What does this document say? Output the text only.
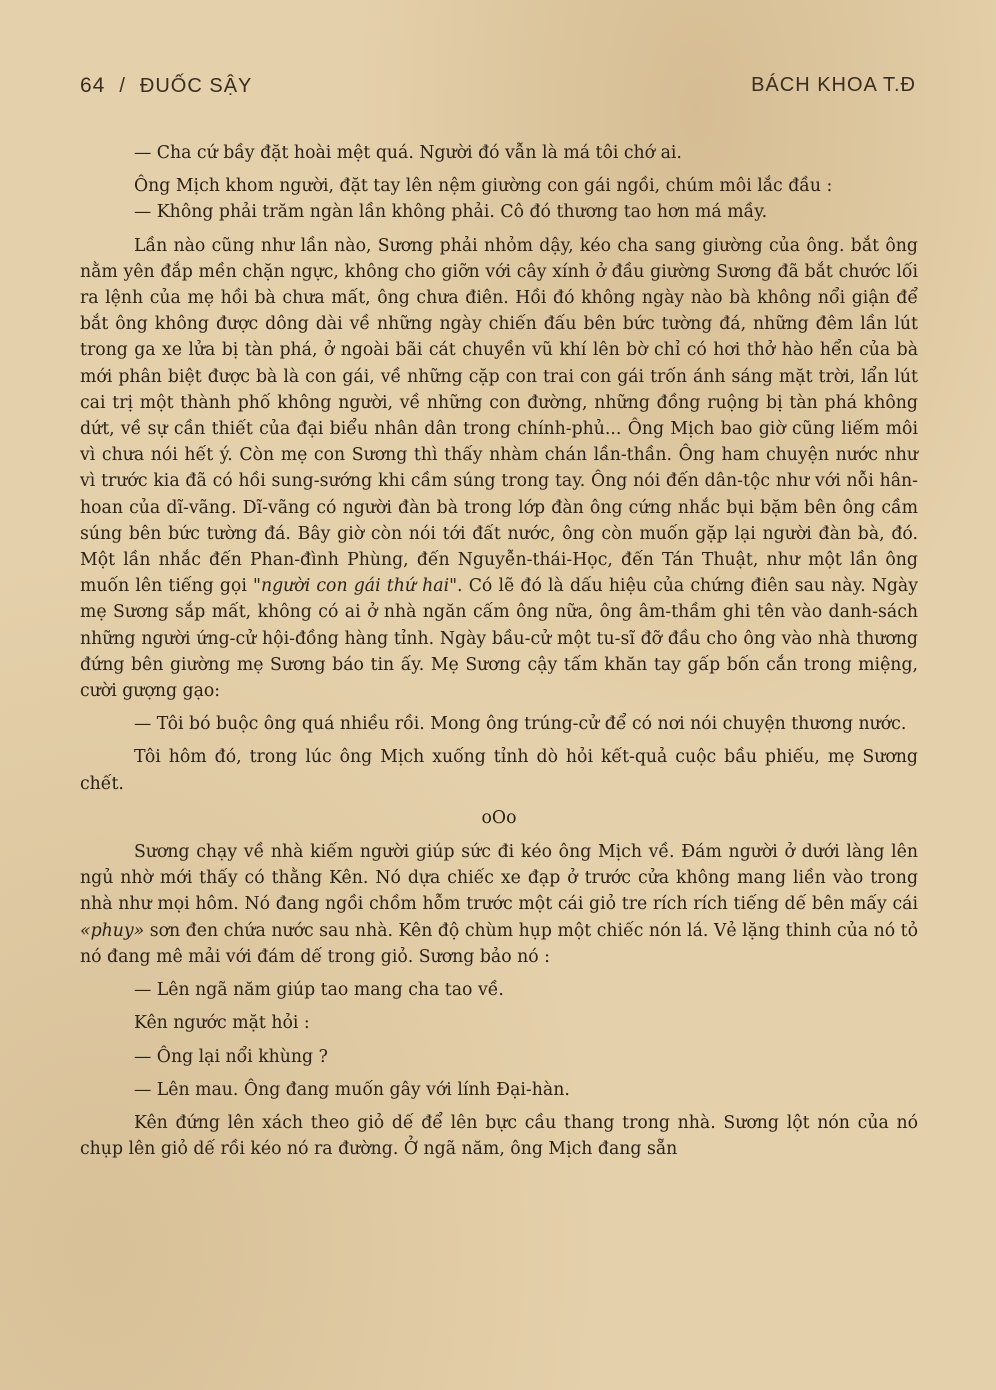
64 / ĐUỐC SẬY	BÁCH KHOA T.Đ

— Cha cứ bầy đặt hoài mệt quá. Người đó vẫn là má tôi chớ ai.

Ông Mịch khom người, đặt tay lên nệm giường con gái ngồi, chúm môi lắc đầu :

— Không phải trăm ngàn lần không phải. Cô đó thương tao hơn má mầy.

Lần nào cũng như lần nào, Sương phải nhỏm dậy, kéo cha sang giường của ông. bắt ông nằm yên đắp mền chặn ngực, không cho giỡn với cây xính ở đầu giường Sương đã bắt chước lối ra lệnh của mẹ hồi bà chưa mất, ông chưa điên. Hồi đó không ngày nào bà không nổi giận để bắt ông không được dông dài về những ngày chiến đấu bên bức tường đá, những đêm lần lút trong ga xe lửa bị tàn phá, ở ngoài bãi cát chuyền vũ khí lên bờ chỉ có hơi thở hào hển của bà mới phân biệt được bà là con gái, về những cặp con trai con gái trốn ánh sáng mặt trời, lẩn lút cai trị một thành phố không người, về những con đường, những đồng ruộng bị tàn phá không dứt, về sự cần thiết của đại biểu nhân dân trong chính-phủ... Ông Mịch bao giờ cũng liếm môi vì chưa nói hết ý. Còn mẹ con Sương thì thấy nhàm chán lần-thần. Ông ham chuyện nước như vì trước kia đã có hồi sung-sướng khi cầm súng trong tay. Ông nói đến dân-tộc như với nỗi hân-hoan của dĩ-vãng. Dĩ-vãng có người đàn bà trong lớp đàn ông cứng nhắc bụi bặm bên ông cầm súng bên bức tường đá. Bây giờ còn nói tới đất nước, ông còn muốn gặp lại người đàn bà, đó. Một lần nhắc đến Phan-đình Phùng, đến Nguyễn-thái-Học, đến Tán Thuật, như một lần ông muốn lên tiếng gọi "người con gái thứ hai". Có lẽ đó là dấu hiệu của chứng điên sau này. Ngày mẹ Sương sắp mất, không có ai ở nhà ngăn cấm ông nữa, ông âm-thầm ghi tên vào danh-sách những người ứng-cử hội-đồng hàng tỉnh. Ngày bầu-cử một tu-sĩ đỡ đầu cho ông vào nhà thương đứng bên giường mẹ Sương báo tin ấy. Mẹ Sương cậy tấm khăn tay gấp bốn cắn trong miệng, cười gượng gạo:

— Tôi bó buộc ông quá nhiều rồi. Mong ông trúng-cử để có nơi nói chuyện thương nước.

Tôi hôm đó, trong lúc ông Mịch xuống tỉnh dò hỏi kết-quả cuộc bầu phiếu, mẹ Sương chết.

oOo

Sương chạy về nhà kiếm người giúp sức đi kéo ông Mịch về. Đám người ở dưới làng lên ngủ nhờ mới thấy có thằng Kên. Nó dựa chiếc xe đạp ở trước cửa không mang liền vào trong nhà như mọi hôm. Nó đang ngồi chồm hỗm trước một cái giỏ tre rích rích tiếng dế bên mấy cái «phuy» sơn đen chứa nước sau nhà. Kên độ chùm hụp một chiếc nón lá. Vẻ lặng thinh của nó tỏ nó đang mê mải với đám dế trong giỏ. Sương bảo nó :

— Lên ngã năm giúp tao mang cha tao về.

Kên ngước mặt hỏi :

— Ông lại nổi khùng ?

— Lên mau. Ông đang muốn gây với lính Đại-hàn.

Kên đứng lên xách theo giỏ dế để lên bực cầu thang trong nhà. Sương lột nón của nó chụp lên giỏ dế rồi kéo nó ra đường. Ở ngã năm, ông Mịch đang sẵn
